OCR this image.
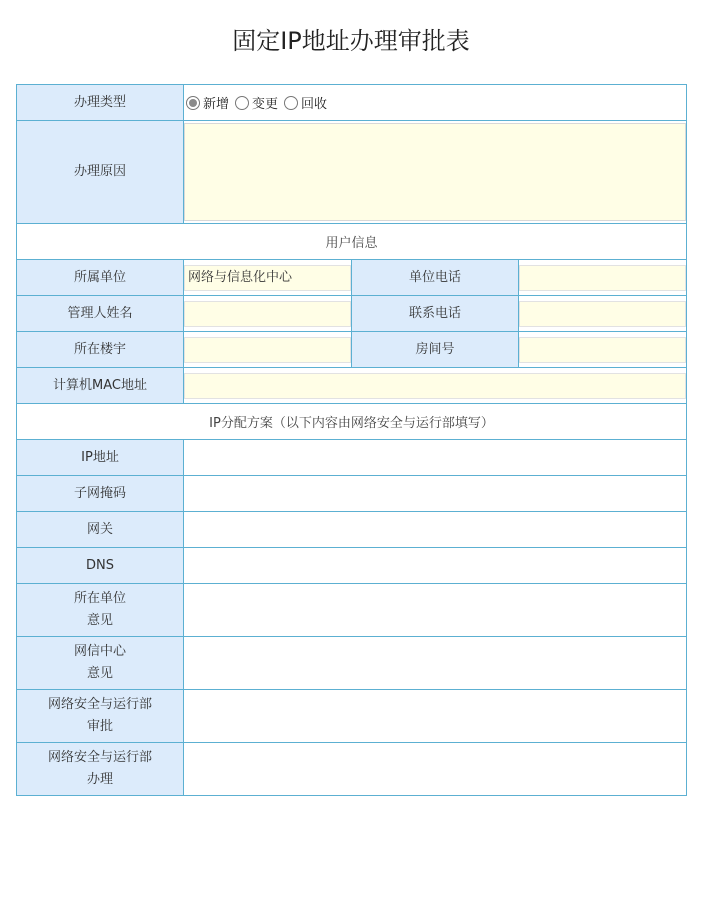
固定IP地址办理审批表
办理类型	新增 变更 回收		

办理原因			

用户信息			
所属单位	网络与信息化中心	单位电话	

管理人姓名		联系电话	

所在楼宇		房间号	

计算机MAC地址			

IP分配方案（以下内容由网络安全与运行部填写）			
IP地址			
子网掩码			
网关			
DNS			

所在单位
意见			

网信中心
意见			

网络安全与运行部
审批			

网络安全与运行部
办理			
